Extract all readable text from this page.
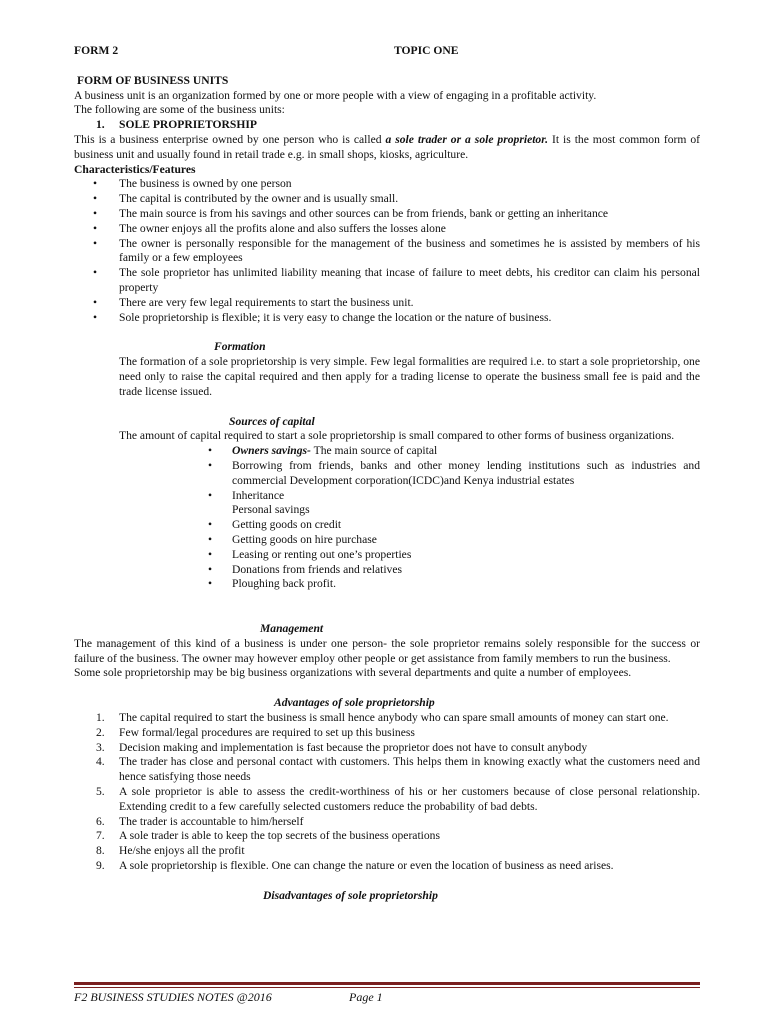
FORM 2	TOPIC ONE
FORM OF BUSINESS UNITS

A business unit is an organization formed by one or more people with a view of engaging in a profitable activity.

The following are some of the business units:

1. SOLE PROPRIETORSHIP

This is a business enterprise owned by one person who is called a sole trader or a sole proprietor. It is the most common form of business unit and usually found in retail trade e.g. in small shops, kiosks, agriculture.

Characteristics/Features
• The business is owned by one person
• The capital is contributed by the owner and is usually small.
• The main source is from his savings and other sources can be from friends, bank or getting an inheritance
• The owner enjoys all the profits alone and also suffers the losses alone
• The owner is personally responsible for the management of the business and sometimes he is assisted by members of his family or a few employees
• The sole proprietor has unlimited liability meaning that incase of failure to meet debts, his creditor can claim his personal property
• There are very few legal requirements to start the business unit.
• Sole proprietorship is flexible; it is very easy to change the location or the nature of business.
Formation

The formation of a sole proprietorship is very simple. Few legal formalities are required i.e. to start a sole proprietorship, one need only to raise the capital required and then apply for a trading license to operate the business small fee is paid and the trade license issued.

Sources of capital

The amount of capital required to start a sole proprietorship is small compared to other forms of business organizations.

• Owners savings- The main source of capital
• Borrowing from friends, banks and other money lending institutions such as industries and commercial Development corporation(ICDC)and Kenya industrial estates
• Inheritance
Personal savings
• Getting goods on credit
• Getting goods on hire purchase
• Leasing or renting out one’s properties
• Donations from friends and relatives
• Ploughing back profit.
Management

The management of this kind of a business is under one person- the sole proprietor remains solely responsible for the success or failure of the business. The owner may however employ other people or get assistance from family members to run the business.

Some sole proprietorship may be big business organizations with several departments and quite a number of employees.

Advantages of sole proprietorship
1. The capital required to start the business is small hence anybody who can spare small amounts of money can start one.
2. Few formal/legal procedures are required to set up this business
3. Decision making and implementation is fast because the proprietor does not have to consult anybody
4. The trader has close and personal contact with customers. This helps them in knowing exactly what the customers need and hence satisfying those needs
5. A sole proprietor is able to assess the credit-worthiness of his or her customers because of close personal relationship. Extending credit to a few carefully selected customers reduce the probability of bad debts.
6. The trader is accountable to him/herself
7. A sole trader is able to keep the top secrets of the business operations
8. He/she enjoys all the profit
9. A sole proprietorship is flexible. One can change the nature or even the location of business as need arises.
Disadvantages of sole proprietorship
F2 BUSINESS STUDIES NOTES @2016	Page 1
